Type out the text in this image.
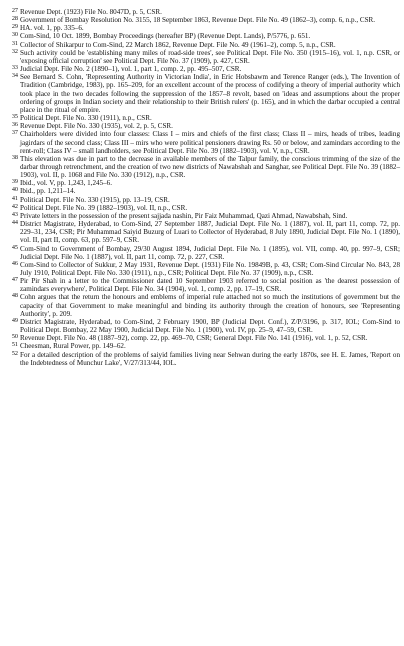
27 Revenue Dept. (1923) File No. 8047D, p. 5, CSR.

28 Government of Bombay Resolution No. 3155, 18 September 1863, Revenue Dept. File No. 49 (1862–3), comp. 6, n.p., CSR.

29 HA. vol. 1, pp. 335–6.

30 Com-Sind, 10 Oct. 1899, Bombay Proceedings (hereafter BP) (Revenue Dept. Lands), P/5776, p. 651.

31 Collector of Shikarpur to Com-Sind, 22 March 1862, Revenue Dept. File No. 49 (1961–2), comp. 5, n.p., CSR.

32 Such activity could be 'establishing many miles of road-side trees', see Political Dept. File No. 350 (1915–16), vol. 1, n.p. CSR, or 'exposing official corruption' see Political Dept. File No. 37 (1909), p. 427, CSR.

33 Judicial Dept. File No. 2 (1890–1), vol. 1, part 1, comp. 2, pp. 495–507, CSR.

34 See Bernard S. Cohn, 'Representing Authority in Victorian India', in Eric Hobsbawm and Terence Ranger (eds.), The Invention of Tradition (Cambridge, 1983), pp. 165–209, for an excellent account of the process of codifying a theory of imperial authority which took place in the two decades following the suppression of the 1857–8 revolt, based on 'ideas and assumptions about the proper ordering of groups in Indian society and their relationship to their British rulers' (p. 165), and in which the darbar occupied a central place in the ritual of empire.

35 Political Dept. File No. 330 (1911), n.p., CSR.

36 Revenue Dept. File No. 330 (1935), vol. 2, p. 5, CSR.

37 Chairholders were divided into four classes: Class I – mirs and chiefs of the first class; Class II – mirs, heads of tribes, leading jagirdars of the second class; Class III – mirs who were political pensioners drawing Rs. 50 or below, and zamindars according to the rent-roll; Class IV – small landholders, see Political Dept. File No. 39 (1882–1903), vol. V, n.p., CSR.

38 This elevation was due in part to the decrease in available members of the Talpur family, the conscious trimming of the size of the darbar through retrenchment, and the creation of two new districts of Nawabshah and Sanghar, see Political Dept. File No. 39 (1882–1903), vol. II, p. 1068 and File No. 330 (1912), n.p., CSR.

39 Ibid., vol. V, pp. 1,243, 1,245–6.

40 Ibid., pp. 1,211–14.

41 Political Dept. File No. 330 (1915), pp. 13–19, CSR.

42 Political Dept. File No. 39 (1882–1903), vol. II, n.p., CSR.

43 Private letters in the possession of the present sajjada nashin, Pir Faiz Muhammad, Qazi Ahmad, Nawabshah, Sind.

44 District Magistrate, Hyderabad, to Com-Sind, 27 September 1887, Judicial Dept. File No. 1 (1887), vol. II, part 11, comp. 72, pp. 229–31, 234, CSR; Pir Muhammad Saiyid Buzurg of Luari to Collector of Hyderabad, 8 July 1890, Judicial Dept. File No. 1 (1890), vol. II, part II, comp. 63, pp. 597–9, CSR.

45 Com-Sind to Government of Bombay, 29/30 August 1894, Judicial Dept. File No. 1 (1895), vol. VII, comp. 40, pp. 997–9, CSR; Judicial Dept. File No. 1 (1887), vol. II, part 11, comp. 72, p. 227, CSR.

46 Com-Sind to Collector of Sukkur, 2 May 1931, Revenue Dept. (1931) File No. 19849B, p. 43, CSR; Com-Sind Circular No. 843, 28 July 1910, Political Dept. File No. 330 (1911), n.p., CSR; Political Dept. File No. 37 (1909), n.p., CSR.

47 Pir Pir Shah in a letter to the Commissioner dated 10 September 1903 referred to social position as 'the dearest possession of zamindars everywhere', Political Dept. File No. 34 (1904), vol. 1, comp. 2, pp. 17–19, CSR.

48 Cohn argues that the return the honours and emblems of imperial rule attached not so much the institutions of government but the capacity of that Government to make meaningful and binding its authority through the creation of honours, see 'Representing Authority', p. 209.

49 District Magistrate, Hyderabad, to Com-Sind, 2 February 1900, BP (Judicial Dept. Conf.), Z/P/3196, p. 317, IOL; Com-Sind to Political Dept. Bombay, 22 May 1900, Judicial Dept. File No. 1 (1900), vol. IV, pp. 25–9, 47–59, CSR.

50 Revenue Dept. File No. 48 (1887–92), comp. 22, pp. 469–70, CSR; General Dept. File No. 141 (1916), vol. 1, p. 52, CSR.

51 Cheesman, Rural Power, pp. 149–62.

52 For a detailed description of the problems of saiyid families living near Sehwan during the early 1870s, see H. E. James, 'Report on the Indebtedness of Munchur Lake', V/27/313/44, IOL.
